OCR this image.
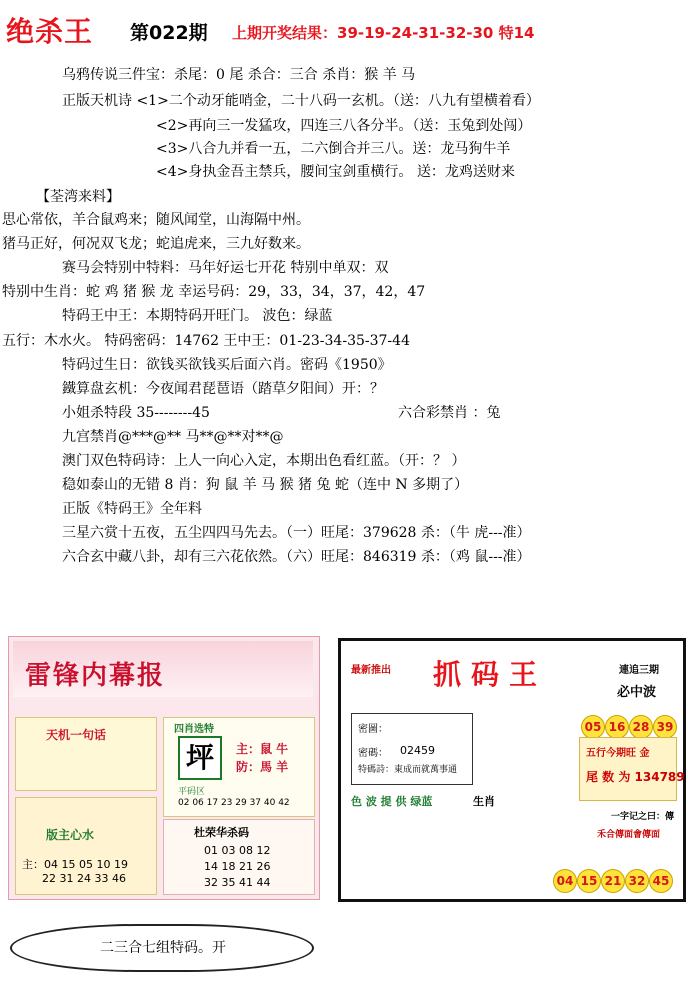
绝杀王 第022期 上期开奖结果：39-19-24-31-32-30 特14
乌鸦传说三件宝：杀尾：0 尾 杀合：三合 杀肖：猴 羊 马
正版天机诗 <1>二个动牙能哨金，二十八码一玄机。（送：八九有望横着看）
<2>再向三一发猛攻，四连三八各分半。（送：玉兔到处闯）
<3>八合九并看一五，二六倒合并三八。送：龙马狗牛羊
<4>身执金吾主禁兵，腰间宝剑重横行。 送：龙鸡送财来
【荃湾来料】
思心常依，羊合鼠鸡来；随风闻堂，山海隔中州。
猪马正好，何况双飞龙；蛇追虎来，三九好数来。
赛马会特别中特料：马年好运七开花 特别中单双：双
特别中生肖：蛇 鸡 猪 猴 龙 幸运号码：29，33，34，37，42，47
特码王中王：本期特码开旺门。 波色：绿蓝
五行：木水火。 特码密码：14762 王中王：01-23-34-35-37-44
特码过生日：欲钱买欲钱买后面六肖。密码《1950》
鐵算盘玄机：今夜闻君琵琶语（踏草夕阳间）开：？
小姐杀特段 35--------45	六合彩禁肖 ：兔
九宫禁肖@***@** 马**@**对**@
澳门双色特码诗：上人一向心入定，本期出色看红蓝。（开：？ ）
稳如泰山的无错 8 肖：狗 鼠 羊 马 猴 猪 兔 蛇（连中 N 多期了）
正版《特码王》全年料
三星六赏十五夜，五尘四四马先去。（一）旺尾：379628 杀：（牛 虎---准）
六合玄中藏八卦，却有三六花依然。（六）旺尾：846319 杀：（鸡 鼠---准）
雷锋内幕报
天机一句话	四肖选特
坪	主：鼠 牛
防：馬 羊
平码区
02 06 17 23 29 37 40 42
版主心水
主：04 15 05 10 19
22 31 24 33 46
杜荣华杀码
01 03 08 12
14 18 21 26
32 35 41 44
最新推出 抓码王	連追三期
必中波
05 16 28 39
密圖：
密碼： 02459
特碼詩：東成而就萬事通
五行今期旺 金
尾 数 为 134789
色 波 提 供 绿蓝	生肖
一字记之曰：傳
禾合傳面會傳面
04 15 21 32 45
二三合七组特码。开
